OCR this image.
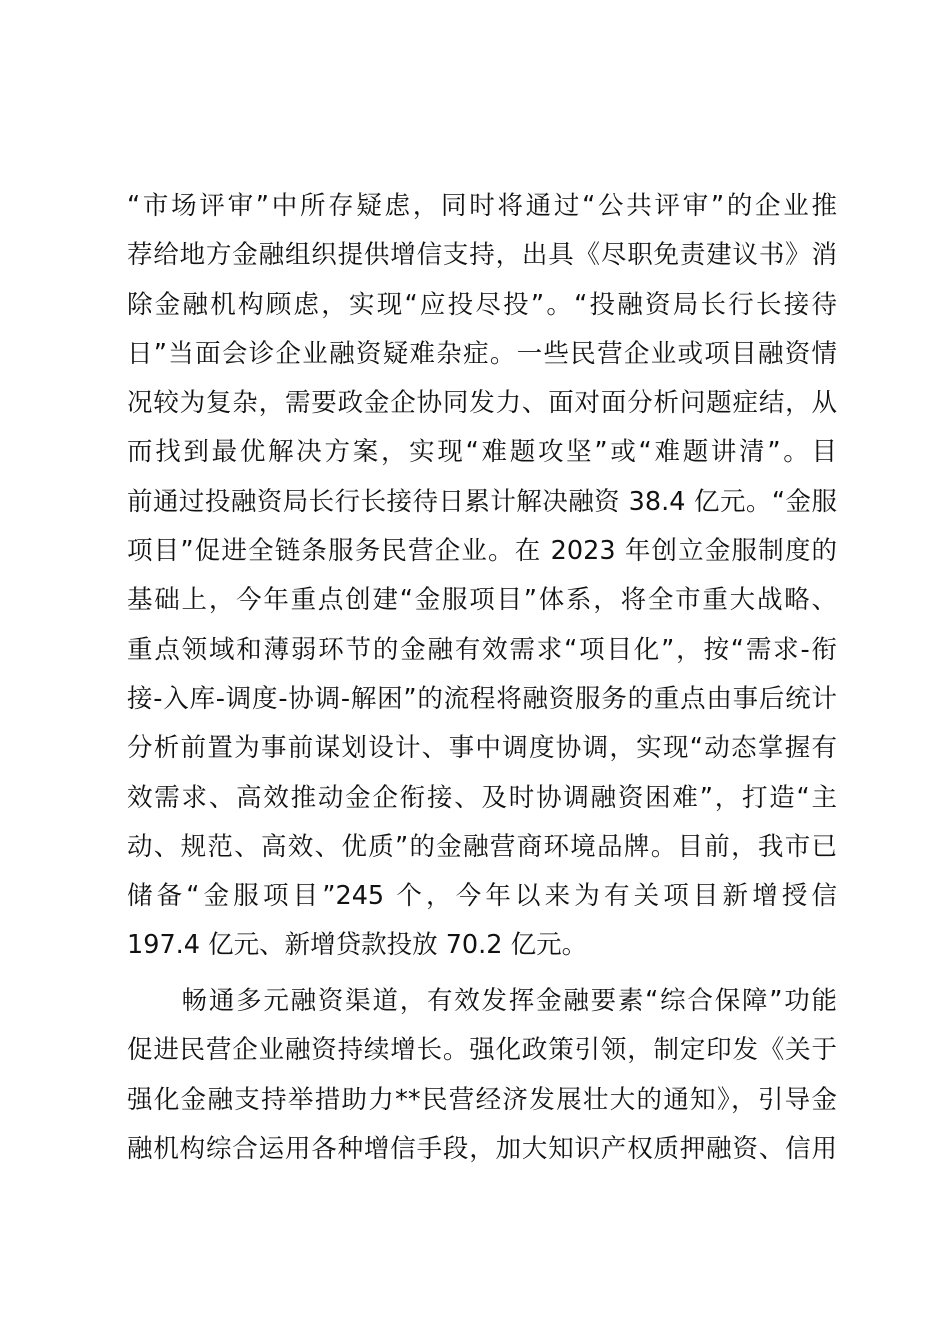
“市场评审”中所存疑虑，同时将通过“公共评审”的企业推
荐给地方金融组织提供增信支持，出具《尽职免责建议书》消
除金融机构顾虑，实现“应投尽投”。“投融资局长行长接待
日”当面会诊企业融资疑难杂症。一些民营企业或项目融资情
况较为复杂，需要政金企协同发力、面对面分析问题症结，从
而找到最优解决方案，实现“难题攻坚”或“难题讲清”。目
前通过投融资局长行长接待日累计解决融资 38.4 亿元。“金服
项目”促进全链条服务民营企业。在 2023 年创立金服制度的
基础上，今年重点创建“金服项目”体系，将全市重大战略、
重点领域和薄弱环节的金融有效需求“项目化”，按“需求-衔
接-入库-调度-协调-解困”的流程将融资服务的重点由事后统计
分析前置为事前谋划设计、事中调度协调，实现“动态掌握有
效需求、高效推动金企衔接、及时协调融资困难”，打造“主
动、规范、高效、优质”的金融营商环境品牌。目前，我市已
储备“金服项目”245 个，今年以来为有关项目新增授信
197.4 亿元、新增贷款投放 70.2 亿元。
　　畅通多元融资渠道，有效发挥金融要素“综合保障”功能
促进民营企业融资持续增长。强化政策引领，制定印发《关于
强化金融支持举措助力**民营经济发展壮大的通知》，引导金
融机构综合运用各种增信手段，加大知识产权质押融资、信用
